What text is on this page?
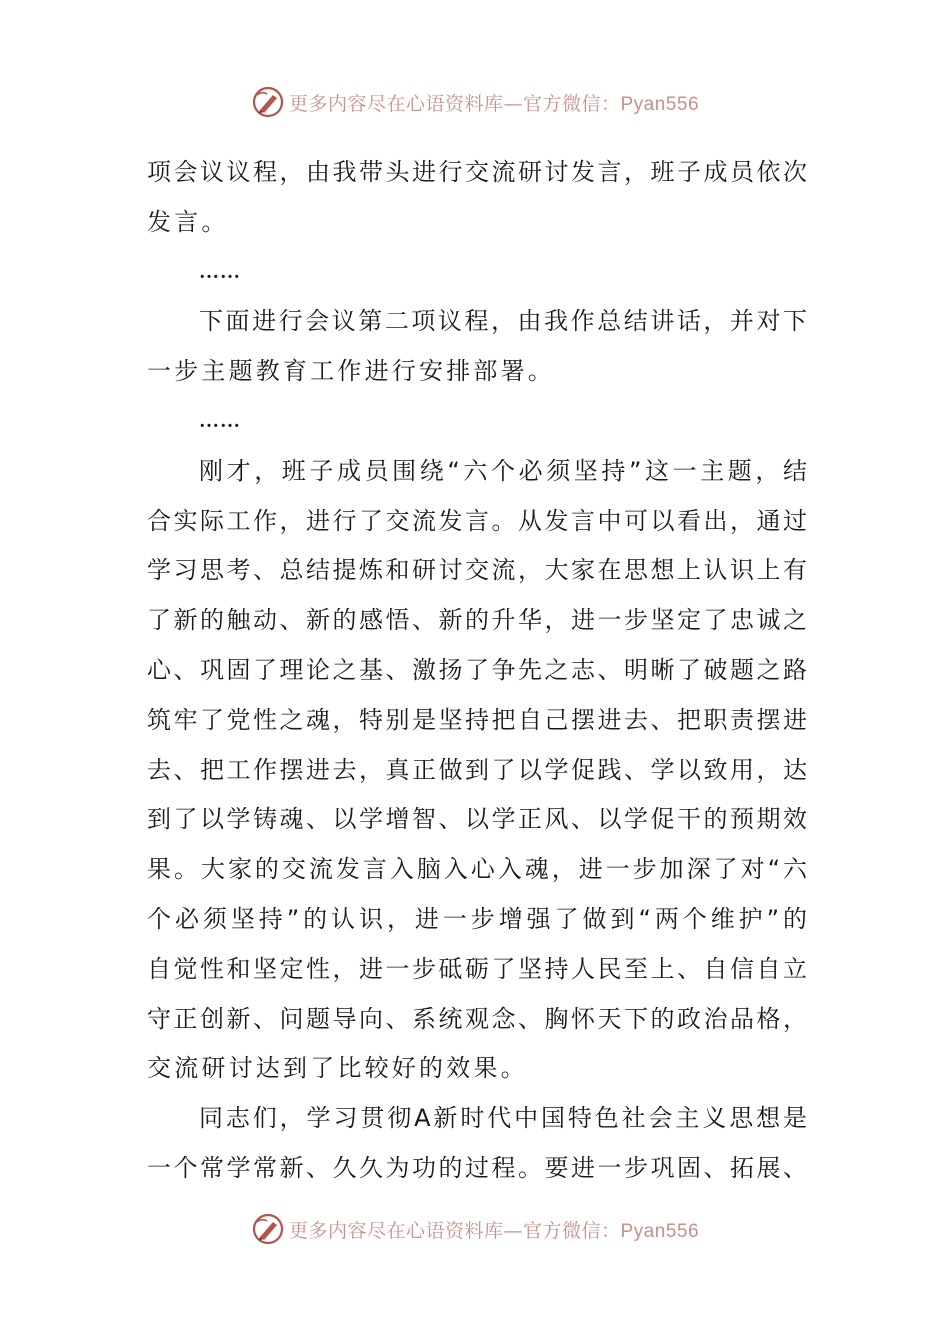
更多内容尽在心语资料库—官方微信：Pyan556
项会议议程，由我带头进行交流研讨发言，班子成员依次
发言。
……
下面进行会议第二项议程，由我作总结讲话，并对下
一步主题教育工作进行安排部署。
……
刚才，班子成员围绕“六个必须坚持”这一主题，结
合实际工作，进行了交流发言。从发言中可以看出，通过
学习思考、总结提炼和研讨交流，大家在思想上认识上有
了新的触动、新的感悟、新的升华，进一步坚定了忠诚之
心、巩固了理论之基、激扬了争先之志、明晰了破题之路
筑牢了党性之魂，特别是坚持把自己摆进去、把职责摆进
去、把工作摆进去，真正做到了以学促践、学以致用，达
到了以学铸魂、以学增智、以学正风、以学促干的预期效
果。大家的交流发言入脑入心入魂，进一步加深了对“六
个必须坚持”的认识，进一步增强了做到“两个维护”的
自觉性和坚定性，进一步砥砺了坚持人民至上、自信自立
守正创新、问题导向、系统观念、胸怀天下的政治品格，
交流研讨达到了比较好的效果。
同志们，学习贯彻A新时代中国特色社会主义思想是
一个常学常新、久久为功的过程。要进一步巩固、拓展、
更多内容尽在心语资料库—官方微信：Pyan556
